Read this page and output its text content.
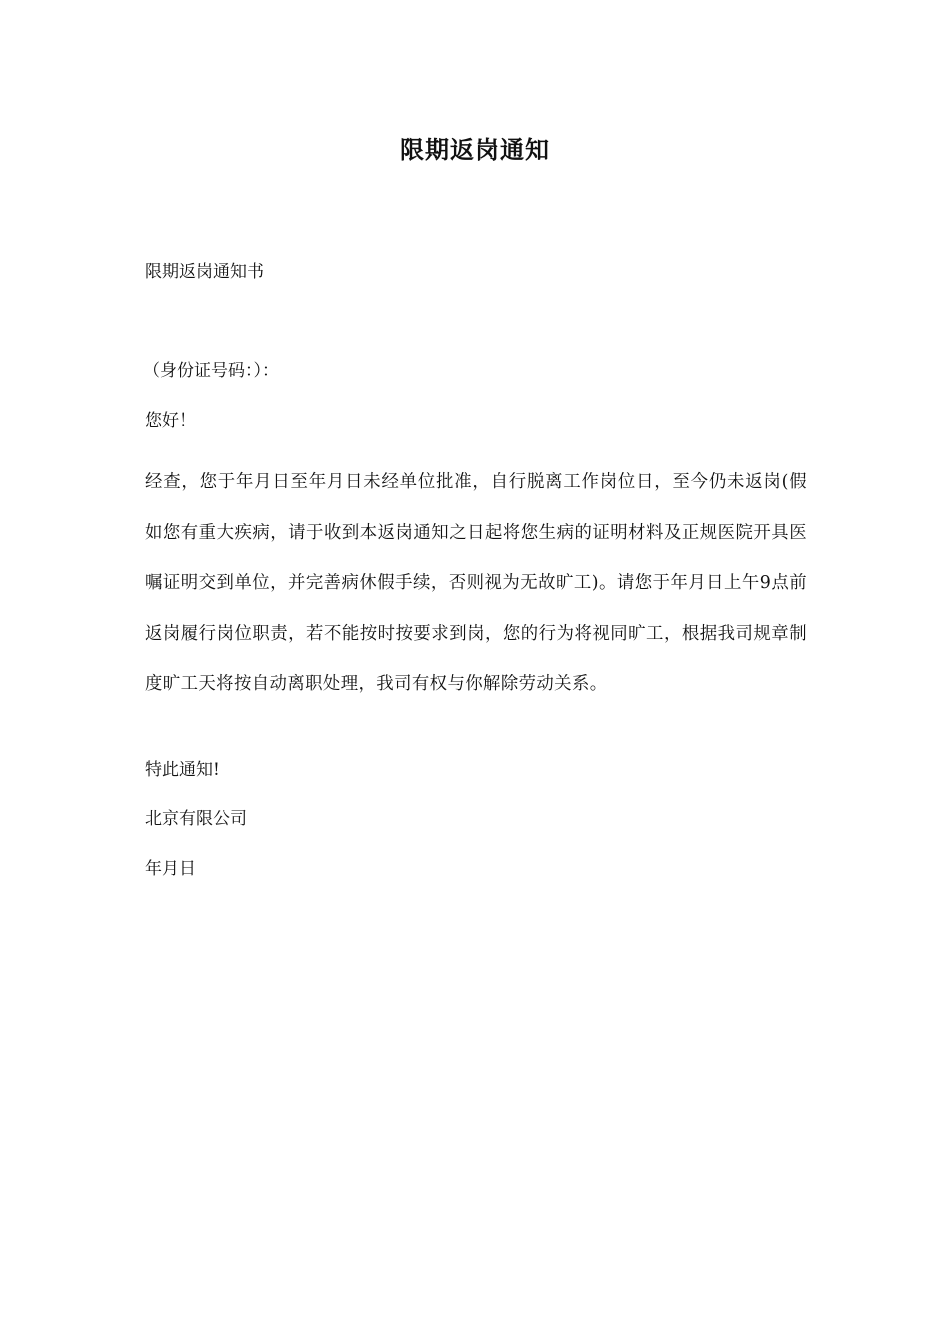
限期返岗通知
限期返岗通知书
（身份证号码：）：
您好！
经查，您于年月日至年月日未经单位批准，自行脱离工作岗位日，至今仍未返岗(假如您有重大疾病，请于收到本返岗通知之日起将您生病的证明材料及正规医院开具医嘱证明交到单位，并完善病休假手续，否则视为无故旷工)。请您于年月日上午9点前返岗履行岗位职责，若不能按时按要求到岗，您的行为将视同旷工，根据我司规章制度旷工天将按自动离职处理，我司有权与你解除劳动关系。
特此通知!
北京有限公司
年月日
